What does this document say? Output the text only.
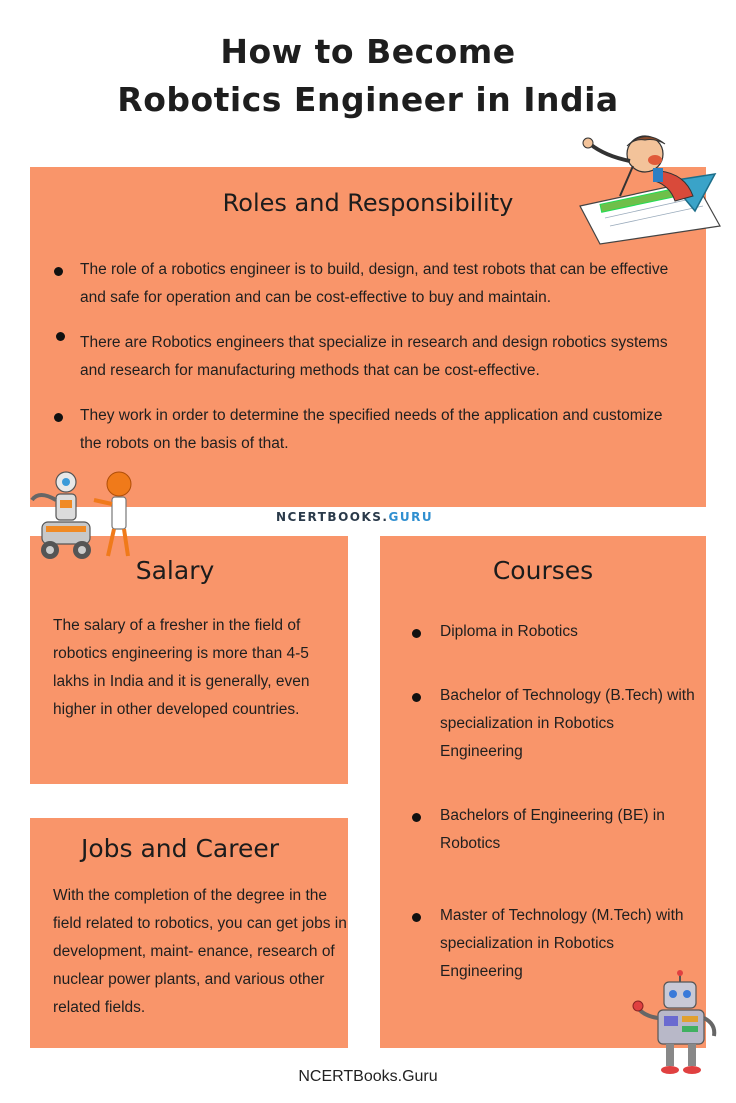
How to Become
Robotics Engineer in India
Roles and Responsibility
The role of a robotics engineer is to build, design, and test robots that can be effective and safe for operation and can be cost-effective to buy and maintain.
There are Robotics engineers that specialize in research and design robotics systems and research for manufacturing methods that can be cost-effective.
They work in order to determine the specified needs of the application and customize the robots on the basis of that.
NCERTBOOKS.GURU
Salary
The salary of a fresher in the field of robotics engineering is more than 4-5 lakhs in India and it is generally, even higher in other developed countries.
Courses
Diploma in Robotics
Bachelor of Technology (B.Tech) with specialization in Robotics Engineering
Bachelors of Engineering (BE) in Robotics
Master of Technology (M.Tech) with specialization in Robotics Engineering
Jobs and Career
With the completion of the degree in the field related to robotics, you can get jobs in development, maint- enance, research of nuclear power plants, and various other related fields.
NCERTBooks.Guru
